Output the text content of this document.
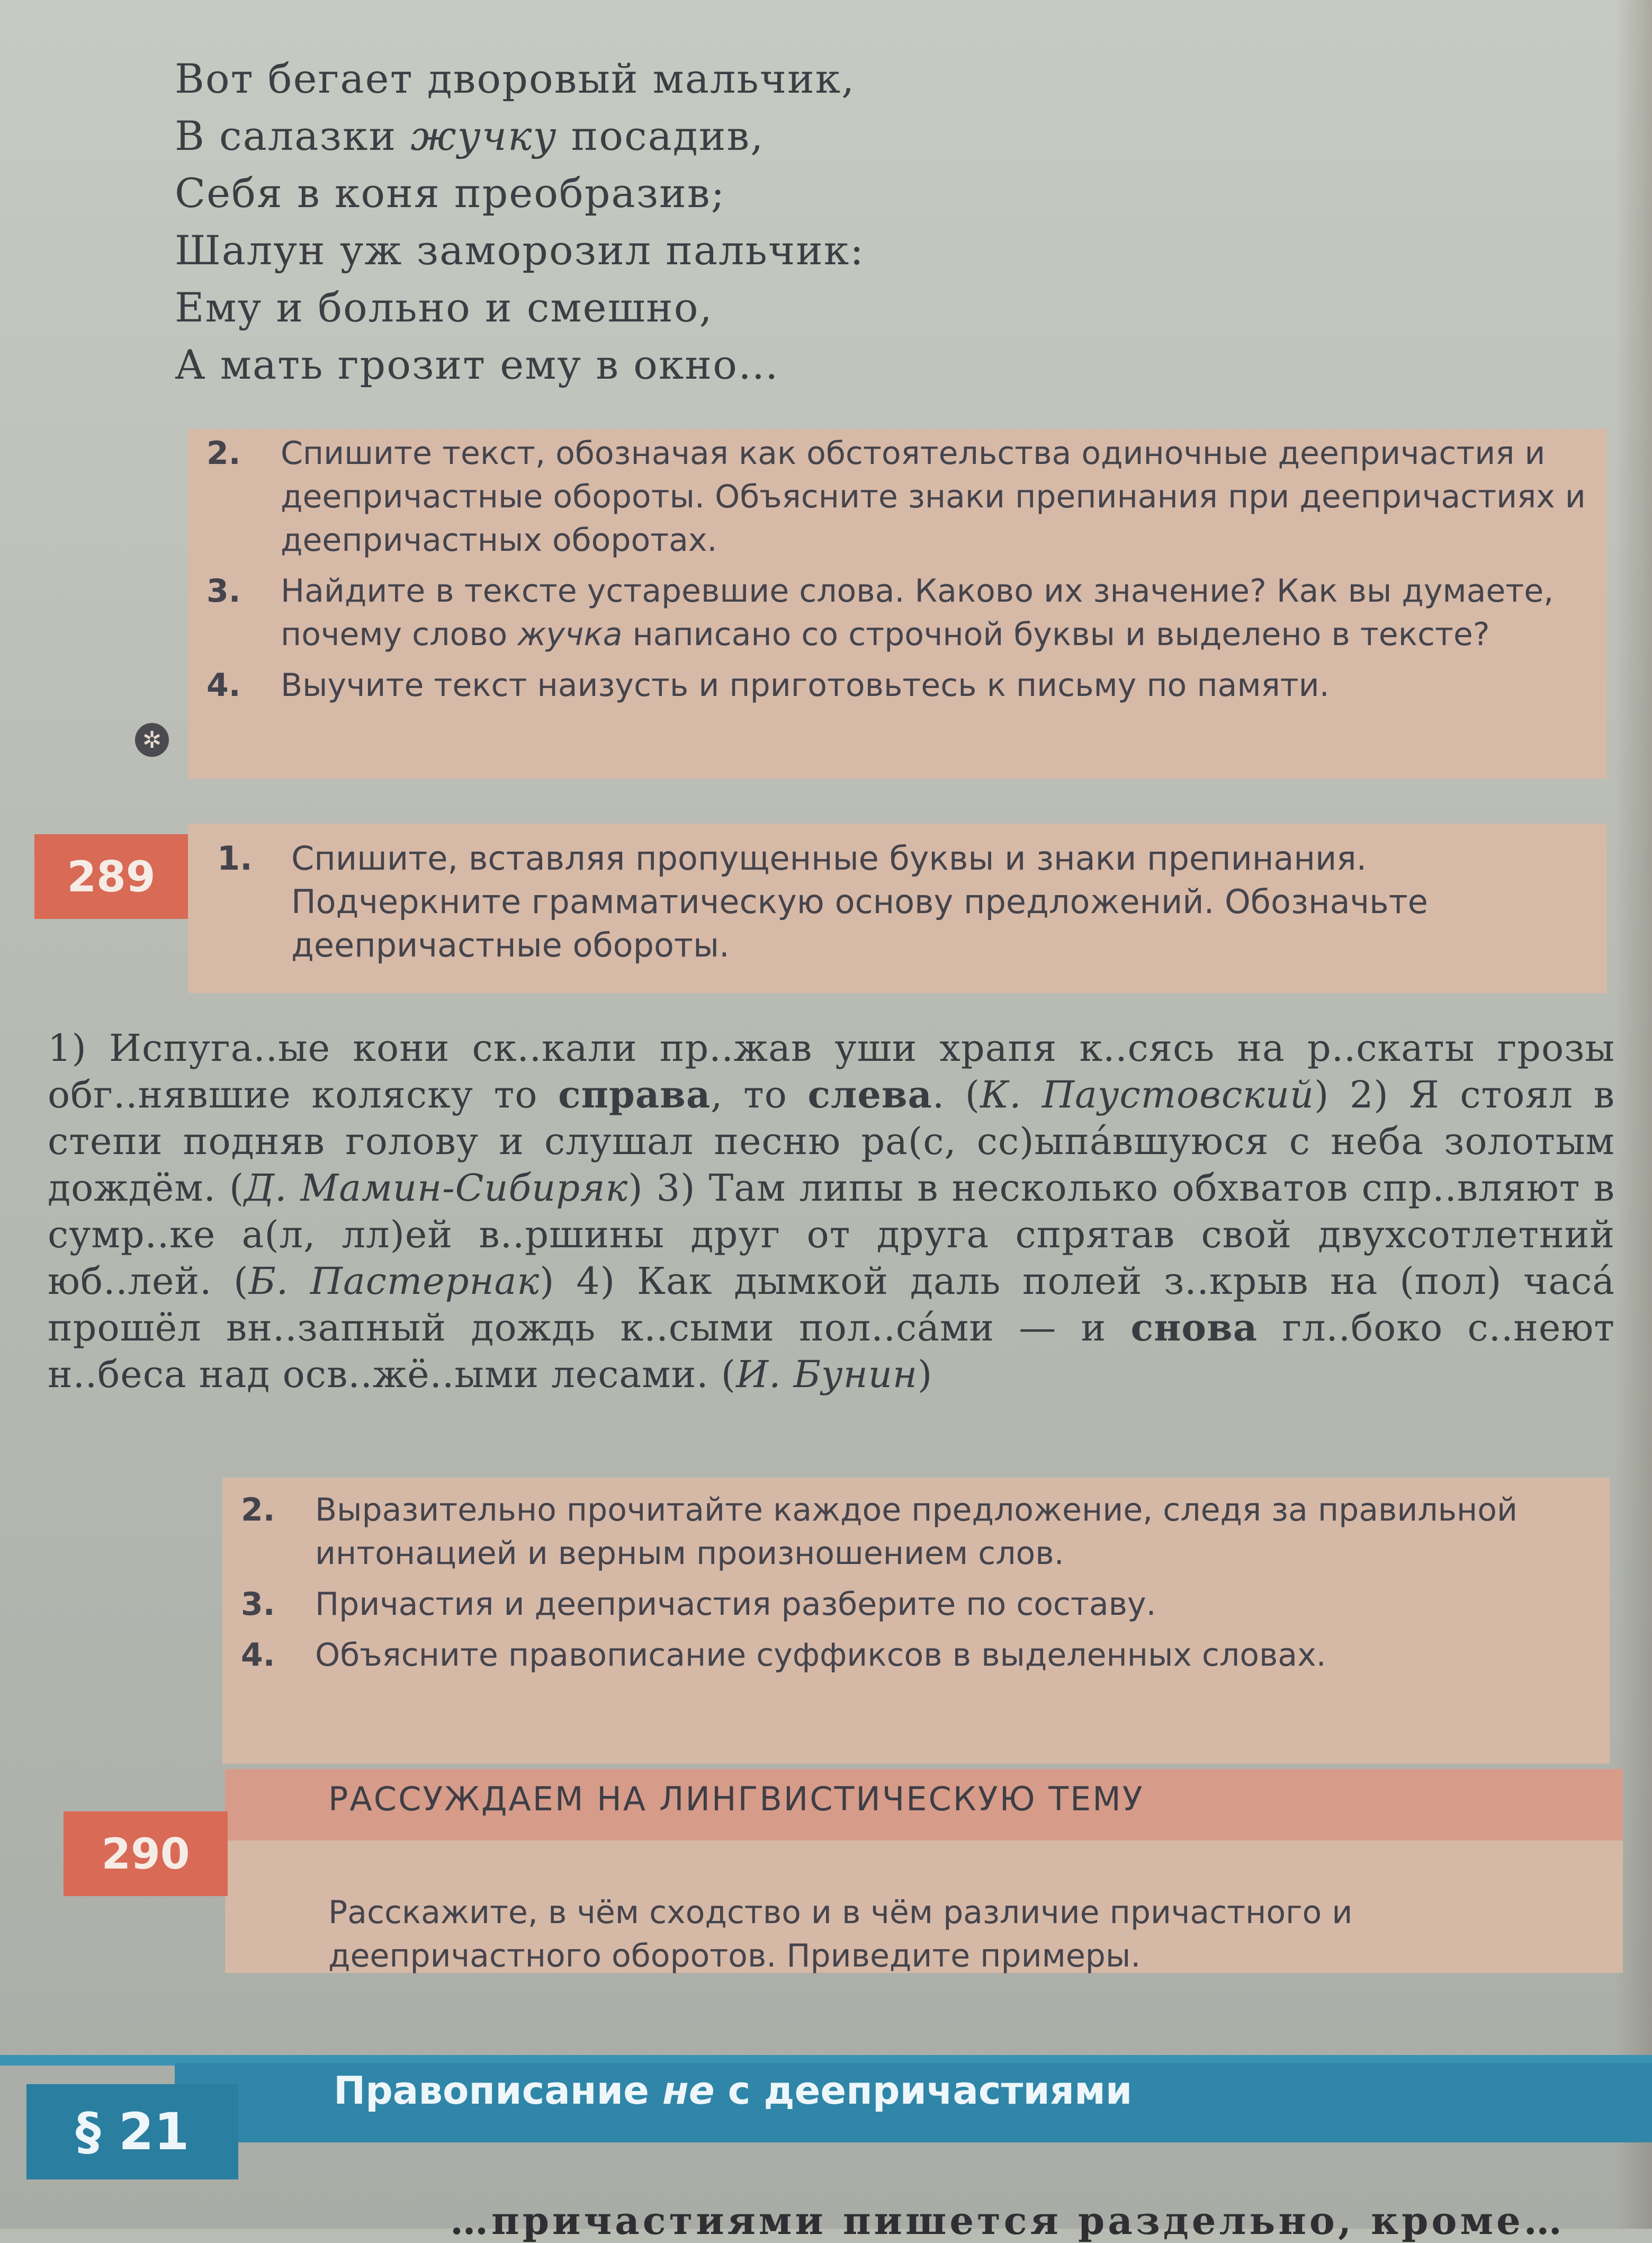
Вот бегает дворовый мальчик,
В салазки жучку посадив,
Себя в коня преобразив;
Шалун уж заморозил пальчик:
Ему и больно и смешно,
А мать грозит ему в окно…
✲
2. Спишите текст, обозначая как обстоятельства одиночные деепричастия и деепричастные обороты. Объясните знаки препинания при деепричастиях и деепричастных оборотах.
3. Найдите в тексте устаревшие слова. Каково их значение? Как вы думаете, почему слово жучка написано со строчной буквы и выделено в тексте?
4. Выучите текст наизусть и приготовьтесь к письму по памяти.
289	1. Спишите, вставляя пропущенные буквы и знаки препинания. Подчеркните грамматическую основу предложений. Обозначьте деепричастные обороты.
1) Испуга..ые кони ск..кали пр..жав уши храпя к..сясь на р..скаты грозы обг..нявшие коляску то справа, то слева. (К. Паустовский) 2) Я стоял в степи подняв голову и слушал песню ра(с, сс)ыпа́вшуюся с неба золотым дождём. (Д. Мамин-Сибиряк) 3) Там липы в несколько обхватов спр..вляют в сумр..ке а(л, лл)ей в..ршины друг от друга спрятав свой двухсотлетний юб..лей. (Б. Пастернак) 4) Как дымкой даль полей з..крыв на (пол) часа́ прошёл вн..запный дождь к..сыми пол..са́ми — и снова гл..боко с..неют н..беса над осв..жё..ыми лесами. (И. Бунин)
2. Выразительно прочитайте каждое предложение, следя за правильной интонацией и верным произношением слов.
3. Причастия и деепричастия разберите по составу.
4. Объясните правописание суффиксов в выделенных словах.
290
РАССУЖДАЕМ НА ЛИНГВИСТИЧЕСКУЮ ТЕМУ
Расскажите, в чём сходство и в чём различие причастного и деепричастного оборотов. Приведите примеры.
§ 21
Правописание не с деепричастиями
…причастиями пишется раздельно, кроме…
